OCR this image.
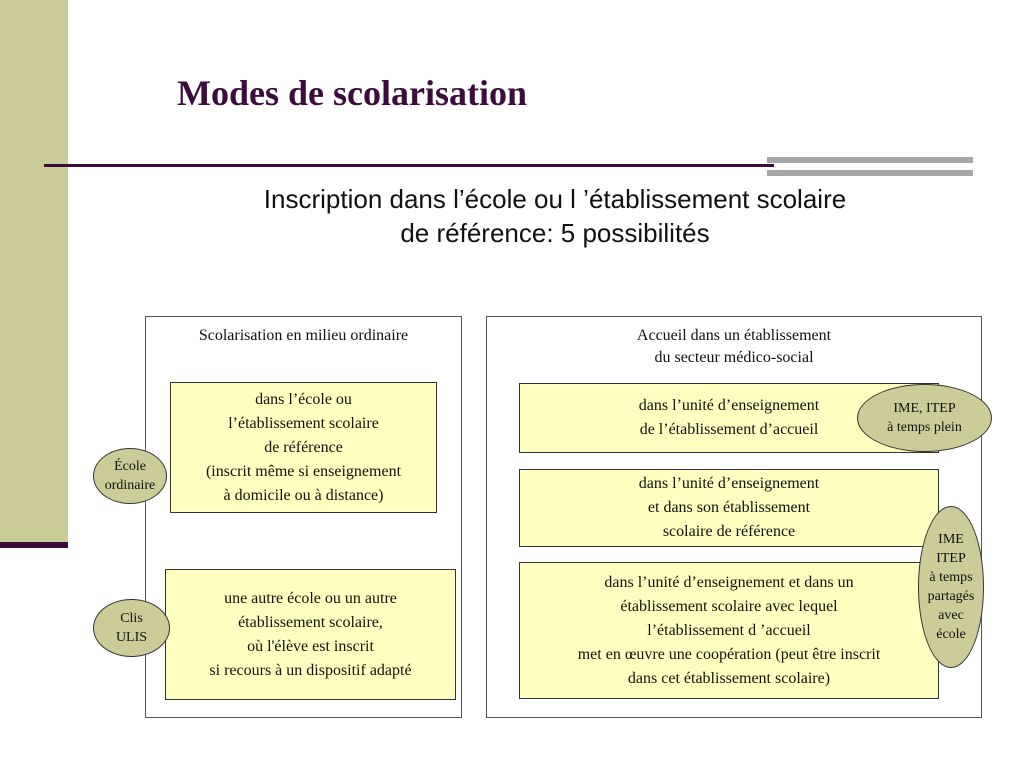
Modes de scolarisation
Inscription dans l’école ou l ’établissement scolaire
de référence: 5 possibilités
Scolarisation en milieu ordinaire
dans l’école ou
l’établissement scolaire
de référence
(inscrit même si enseignement
à domicile ou à distance)
une autre école ou un autre
établissement scolaire,
où l'élève est inscrit
si recours à un dispositif adapté
Accueil dans un établissement
du secteur médico-social
dans l’unité d’enseignement
de l’établissement d’accueil
dans l’unité d’enseignement
et dans son établissement
scolaire de référence
dans l’unité d’enseignement et dans un
établissement scolaire avec lequel
l’établissement d ’accueil
met en œuvre une coopération (peut être inscrit
dans cet établissement scolaire)
École
ordinaire
Clis
ULIS
IME, ITEP
à temps plein
IME
ITEP
à temps
partagés
avec
école
